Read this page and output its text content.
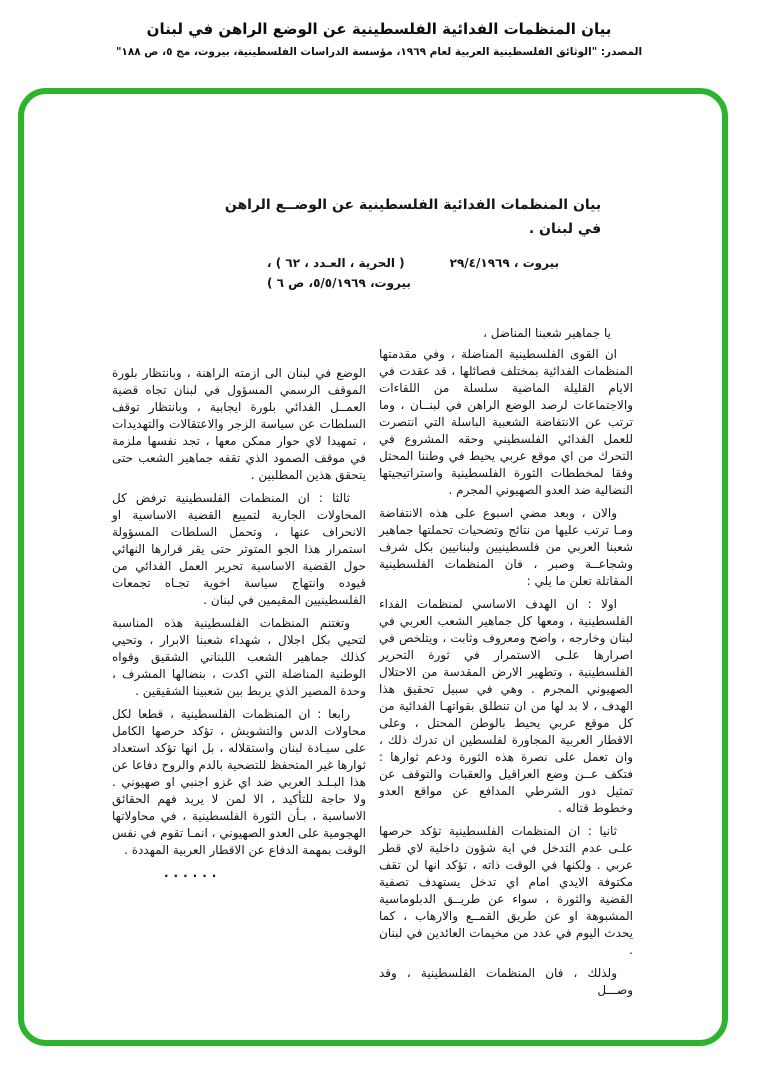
بيان المنظمات الفدائية الفلسطينية عن الوضع الراهن في لبنان
المصدر: "الوثائق الفلسطينية العربية لعام ١٩٦٩، مؤسسة الدراسات الفلسطينية، بيروت، مج ٥، ص ١٨٨"
بيان المنظمات الفدائية الفلسطينية عن الوضــع الراهن
في لبنان .
بيروت ، ٢٩/٤/١٩٦٩
( الحرية ، العـدد ، ٦٢ ) ،
بيروت، ٥/٥/١٩٦٩، ص ٦ )

يا جماهير شعبنا المناضل ،

ان القوى الفلسطينية المناضلة ، وفي مقدمتها المنظمات الفدائية بمختلف فصائلها ، قد عقدت في الايام القليلة الماضية سلسلة من اللقاءات والاجتماعات لرصد الوضع الراهن في لبنــان ، وما ترتب عن الانتفاضة الشعبية الباسلة التي انتصرت للعمل الفدائي الفلسطيني وحقه المشروع في التحرك من اي موقع عربي يحيط في وطننا المحتل وفقا لمخططات الثورة الفلسطينية واستراتيجيتها النضالية ضد العدو الصهيوني المجرم .

والان ، وبعد مضي اسبوع على هذه الانتفاضة ومـا ترتب عليها من نتائج وتضحيات تحملتها جماهير شعبنا العربي من فلسطينيين ولبنانيين بكل شرف وشجاعــة وصبر ، فان المنظمات الفلسطينية المقاتلة تعلن ما يلي :

اولا : ان الهدف الاساسي لمنظمات الفداء الفلسطينية ، ومعها كل جماهير الشعب العربي في لبنان وخارجه ، واضح ومعروف وثابت ، ويتلخص في اصرارها علـى الاستمرار في ثورة التحرير الفلسطينية ، وتطهير الارض المقدسة من الاحتلال الصهيوني المجرم . وهي في سبيل تحقيق هذا الهدف ، لا بد لها من ان تنطلق بقواتهـا الفدائية من كل موقع عربي يحيط بالوطن المحتل ، وعلى الاقطار العربية المجاورة لفلسطين ان تدرك ذلك ، وان تعمل على نصرة هذه الثورة ودعم ثوارها : فتكف عــن وضع العراقيل والعقبات والتوقف عن تمثيل دور الشرطي المدافع عن مواقع العدو وخطوط قتاله .

ثانيا : ان المنظمات الفلسطينية تؤكد حرصها علـى عدم التدخل في اية شؤون داخلية لاي قطر عربي . ولكنها في الوقت ذاته ، تؤكد انها لن تقف مكتوفة الايدي امام اي تدخل يستهدف تصفية القضية والثورة ، سواء عن طريــق الدبلوماسية المشبوهة او عن طريق القمــع والارهاب ، كما يحدث اليوم في عدد من مخيمات العائدين في لبنان .

ولذلك ، فان المنظمات الفلسطينية ، وقد وصـــل

الوضع في لبنان الى ازمته الراهنة ، وبانتظار بلورة الموقف الرسمي المسؤول في لبنان تجاه قضية العمــل الفدائي بلورة ايجابية ، وبانتظار توقف السلطات عن سياسة الزجر والاعتقالات والتهديدات ، تمهيدا لاي حوار ممكن معها ، تجد نفسها ملزمة في موقف الصمود الذي تقفه جماهير الشعب حتى يتحقق هذين المطلبين .

ثالثا : ان المنظمات الفلسطينية ترفض كل المحاولات الجارية لتمييع القضية الاساسية او الانحراف عنها ، وتحمل السلطات المسؤولة استمرار هذا الجو المتوتر حتى يقر قرارها النهائي حول القضية الاساسية تحرير العمل الفدائي من قيوده وانتهاج سياسة اخوية تجـاه تجمعات الفلسطينيين المقيمين في لبنان .

وتغتنم المنظمات الفلسطينية هذه المناسبة لتحيي بكل اجلال ، شهداء شعبنا الابرار ، وتحيي كذلك جماهير الشعب اللبناني الشقيق وقواه الوطنية المناضلة التي اكدت ، بنضالها المشرف ، وحدة المصير الذي يربط بين شعبينا الشقيقين .

رابعا : ان المنظمات الفلسطينية ، قطعا لكل محاولات الدس والتشويش ، تؤكد حرصها الكامل على سيـادة لبنان واستقلاله ، بل انها تؤكد استعداد ثوارها غير المتحفظ للتضحية بالدم والروح دفاعا عن هذا البـلـد العربي ضد اي غزو اجنبي او صهيوني . ولا حاجة للتأكيد ، الا لمن لا يريد فهم الحقائق الاساسية ، بـأن الثورة الفلسطينية ، في محاولاتها الهجومية على العدو الصهيوني ، انمـا تقوم في نفس الوقت بمهمة الدفاع عن الاقطار العربية المهددة .

......
